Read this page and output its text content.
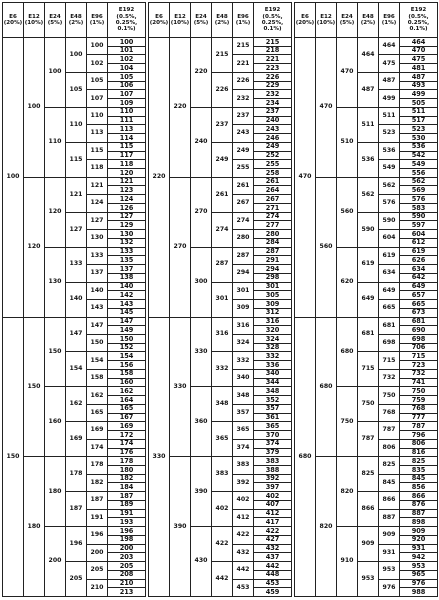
E6 (20%)	E12 (10%)	E24 (5%)	E48 (2%)	E96 (1%)	E192 (0.5%, 0.25%, 0.1%)
100	100	100	100	100	100
					101
				102	102
					104
			105	105	105
					106
				107	107
					109
		110	110	110	110
					111
				113	113
					114
			115	115	115
					117
				118	118
					120
	120	120	121	121	121
					123
				124	124
					126
			127	127	127
					129
				130	130
					132
		130	133	133	133
					135
				137	137
					138
			140	140	140
					142
				143	143
					145
150	150	150	147	147	147
					149
				150	150
					152
			154	154	154
					156
				158	158
					160
		160	162	162	162
					164
				165	165
					167
			169	169	169
					172
				174	174
					176
	180	180	178	178	178
					180
				182	182
					184
			187	187	187
					189
				191	191
					193
		200	196	196	196
					198
				200	200
					203
			205	205	205
					208
				210	210
					213
E6 (20%)	E12 (10%)	E24 (5%)	E48 (2%)	E96 (1%)	E192 (0.5%, 0.25%, 0.1%)
220	220	220	215	215	215
					218
				221	221
					223
			226	226	226
					229
				232	232
					234
		240	237	237	237
					240
				243	243
					246
			249	249	249
					252
				255	255
					258
	270	270	261	261	261
					264
				267	267
					271
			274	274	274
					277
				280	280
					284
		300	287	287	287
					291
				294	294
					298
			301	301	301
					305
				309	309
					312
330	330	330	316	316	316
					320
				324	324
					328
			332	332	332
					336
				340	340
					344
		360	348	348	348
					352
				357	357
					361
			365	365	365
					370
				374	374
					379
	390	390	383	383	383
					388
				392	392
					397
			402	402	402
					407
				412	412
					417
		430	422	422	422
					427
				432	432
					437
			442	442	442
					448
				453	453
					459
E6 (20%)	E12 (10%)	E24 (5%)	E48 (2%)	E96 (1%)	E192 (0.5%, 0.25%, 0.1%)
470	470	470	464	464	464
					470
				475	475
					481
			487	487	487
					493
				499	499
					505
		510	511	511	511
					517
				523	523
					530
			536	536	536
					542
				549	549
					556
	560	560	562	562	562
					569
				576	576
					583
			590	590	590
					597
				604	604
					612
		620	619	619	619
					626
				634	634
					642
			649	649	649
					657
				665	665
					673
680	680	680	681	681	681
					690
				698	698
					706
			715	715	715
					723
				732	732
					741
		750	750	750	750
					759
				768	768
					777
			787	787	787
					796
				806	806
					816
	820	820	825	825	825
					835
				845	845
					856
			866	866	866
					876
				887	887
					898
		910	909	909	909
					920
				931	931
					942
			953	953	953
					965
				976	976
					988
